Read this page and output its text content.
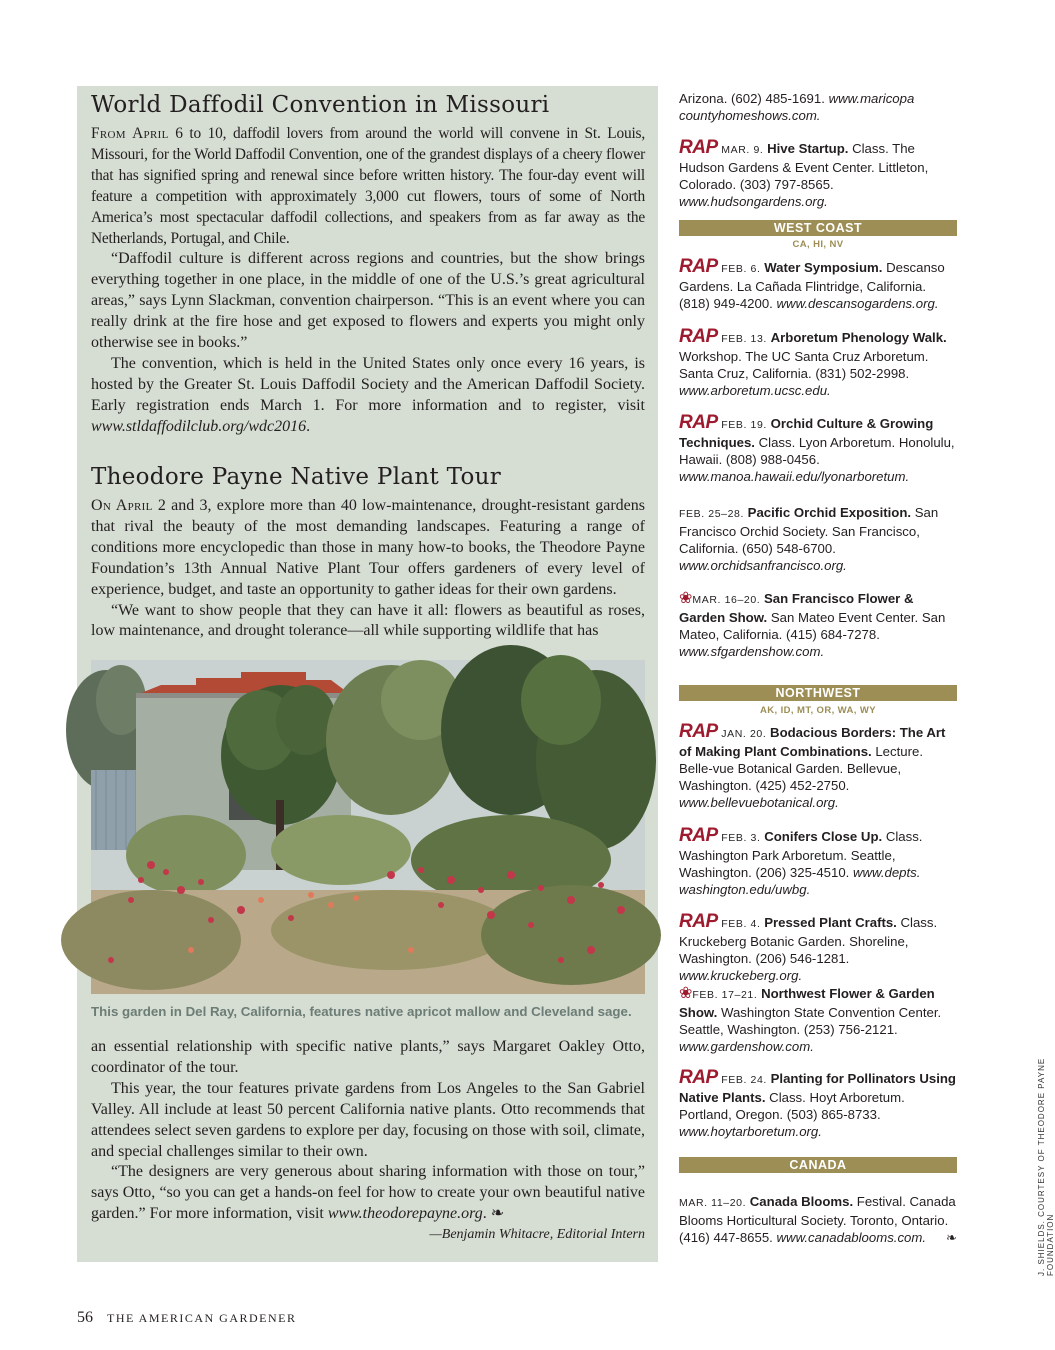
World Daffodil Convention in Missouri

From April 6 to 10, daffodil lovers from around the world will convene in St. Louis, Missouri, for the World Daffodil Convention, one of the grandest displays of a cheery flower that has signified spring and renewal since before written history. The four-day event will feature a competition with approximately 3,000 cut flowers, tours of some of North America’s most spectacular daffodil collections, and speakers from as far away as the Netherlands, Portugal, and Chile.

“Daffodil culture is different across regions and countries, but the show brings everything together in one place, in the middle of one of the U.S.’s great agricultural areas,” says Lynn Slackman, convention chairperson. “This is an event where you can really drink at the fire hose and get exposed to flowers and experts you might only otherwise see in books.”

The convention, which is held in the United States only once every 16 years, is hosted by the Greater St. Louis Daffodil Society and the American Daffodil Society. Early registration ends March 1. For more information and to register, visit www.stldaffodilclub.org/wdc2016.

Theodore Payne Native Plant Tour

On April 2 and 3, explore more than 40 low-maintenance, drought-resistant gardens that rival the beauty of the most demanding landscapes. Featuring a range of conditions more encyclopedic than those in many how-to books, the Theodore Payne Foundation’s 13th Annual Native Plant Tour offers gardeners of every level of experience, budget, and taste an opportunity to gather ideas for their own gardens.

“We want to show people that they can have it all: flowers as beautiful as roses, low maintenance, and drought tolerance—all while supporting wildlife that has

This garden in Del Ray, California, features native apricot mallow and Cleveland sage.

an essential relationship with specific native plants,” says Margaret Oakley Otto, coordinator of the tour.

This year, the tour features private gardens from Los Angeles to the San Gabriel Valley. All include at least 50 percent California native plants. Otto recommends that attendees select seven gardens to explore per day, focusing on those with soil, climate, and special challenges similar to their own.

“The designers are very generous about sharing information with those on tour,” says Otto, “so you can get a hands-on feel for how to create your own beautiful native garden.” For more information, visit www.theodorepayne.org. ❧

—Benjamin Whitacre, Editorial Intern
Arizona. (602) 485-1691. www.maricopa countyhomeshows.com.
RAP MAR. 9. Hive Startup. Class. The Hudson Gardens & Event Center. Littleton, Colorado. (303) 797-8565. www.hudsongardens.org.
WEST COAST
CA, HI, NV
RAP FEB. 6. Water Symposium. Descanso Gardens. La Cañada Flintridge, California. (818) 949-4200. www.descansogardens.org.
RAP FEB. 13. Arboretum Phenology Walk. Workshop. The UC Santa Cruz Arboretum. Santa Cruz, California. (831) 502-2998. www.arboretum.ucsc.edu.
RAP FEB. 19. Orchid Culture & Growing Techniques. Class. Lyon Arboretum. Honolulu, Hawaii. (808) 988-0456. www.manoa.hawaii.edu/lyonarboretum.
FEB. 25–28. Pacific Orchid Exposition. San Francisco Orchid Society. San Francisco, California. (650) 548-6700. www.orchidsanfrancisco.org.
❀MAR. 16–20. San Francisco Flower & Garden Show. San Mateo Event Center. San Mateo, California. (415) 684-7278. www.sfgardenshow.com.
NORTHWEST
AK, ID, MT, OR, WA, WY
RAP JAN. 20. Bodacious Borders: The Art of Making Plant Combinations. Lecture. Belle-vue Botanical Garden. Bellevue, Washington. (425) 452-2750. www.bellevuebotanical.org.
RAP FEB. 3. Conifers Close Up. Class. Washington Park Arboretum. Seattle, Washington. (206) 325-4510. www.depts. washington.edu/uwbg.
RAP FEB. 4. Pressed Plant Crafts. Class. Kruckeberg Botanic Garden. Shoreline, Washington. (206) 546-1281. www.kruckeberg.org.
❀FEB. 17–21. Northwest Flower & Garden Show. Washington State Convention Center. Seattle, Washington. (253) 756-2121. www.gardenshow.com.
RAP FEB. 24. Planting for Pollinators Using Native Plants. Class. Hoyt Arboretum. Portland, Oregon. (503) 865-8733. www.hoytarboretum.org.
CANADA
MAR. 11–20. Canada Blooms. Festival. Canada Blooms Horticultural Society. Toronto, Ontario. (416) 447-8655. www.canadablooms.com. ❧
56 THE AMERICAN GARDENER
J. SHIELDS. COURTESY OF THEODORE PAYNE FOUNDATION
